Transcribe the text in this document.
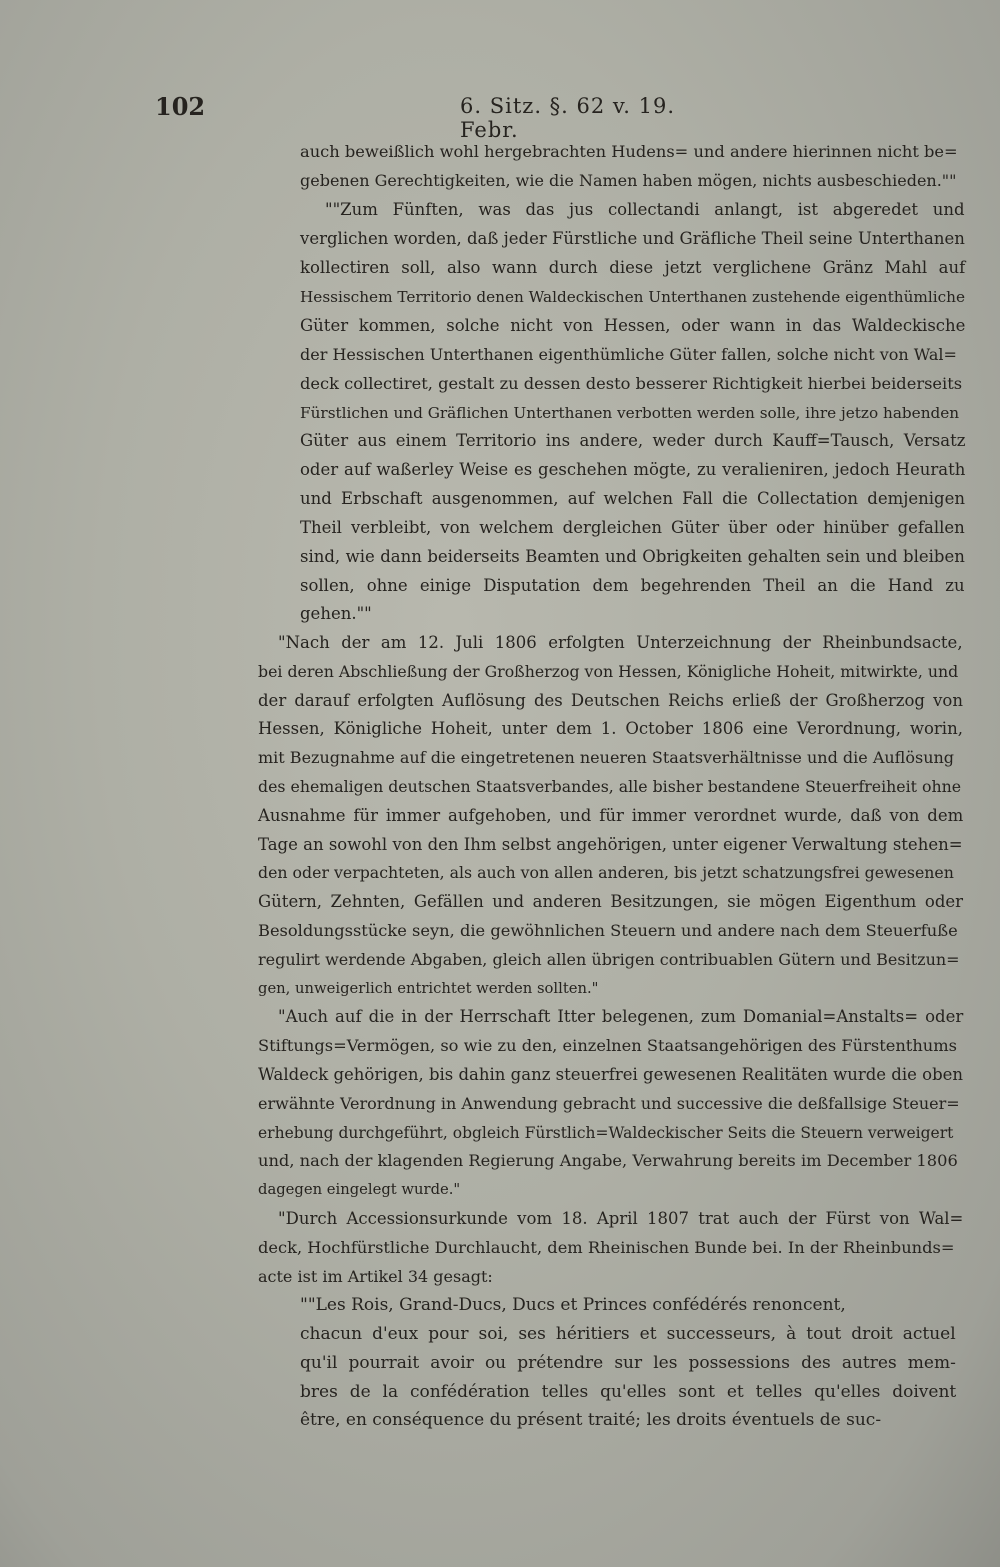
102	6. Sitz. §. 62 v. 19. Febr.
auch beweißlich wohl hergebrachten Hudens= und andere hierinnen nicht be=
gebenen Gerechtigkeiten, wie die Namen haben mögen, nichts ausbeschieden.""
""Zum Fünften, was das jus collectandi anlangt, ist abgeredet und
verglichen worden, daß jeder Fürstliche und Gräfliche Theil seine Unterthanen
kollectiren soll, also wann durch diese jetzt verglichene Gränz Mahl auf
Hessischem Territorio denen Waldeckischen Unterthanen zustehende eigenthümliche
Güter kommen, solche nicht von Hessen, oder wann in das Waldeckische
der Hessischen Unterthanen eigenthümliche Güter fallen, solche nicht von Wal=
deck collectiret, gestalt zu dessen desto besserer Richtigkeit hierbei beiderseits
Fürstlichen und Gräflichen Unterthanen verbotten werden solle, ihre jetzo habenden
Güter aus einem Territorio ins andere, weder durch Kauff=Tausch, Versatz
oder auf waßerley Weise es geschehen mögte, zu veralieniren, jedoch Heurath
und Erbschaft ausgenommen, auf welchen Fall die Collectation demjenigen
Theil verbleibt, von welchem dergleichen Güter über oder hinüber gefallen
sind, wie dann beiderseits Beamten und Obrigkeiten gehalten sein und bleiben
sollen, ohne einige Disputation dem begehrenden Theil an die Hand zu
gehen.""
"Nach der am 12. Juli 1806 erfolgten Unterzeichnung der Rheinbundsacte,
bei deren Abschließung der Großherzog von Hessen, Königliche Hoheit, mitwirkte, und
der darauf erfolgten Auflösung des Deutschen Reichs erließ der Großherzog von
Hessen, Königliche Hoheit, unter dem 1. October 1806 eine Verordnung, worin,
mit Bezugnahme auf die eingetretenen neueren Staatsverhältnisse und die Auflösung
des ehemaligen deutschen Staatsverbandes, alle bisher bestandene Steuerfreiheit ohne
Ausnahme für immer aufgehoben, und für immer verordnet wurde, daß von dem
Tage an sowohl von den Ihm selbst angehörigen, unter eigener Verwaltung stehen=
den oder verpachteten, als auch von allen anderen, bis jetzt schatzungsfrei gewesenen
Gütern, Zehnten, Gefällen und anderen Besitzungen, sie mögen Eigenthum oder
Besoldungsstücke seyn, die gewöhnlichen Steuern und andere nach dem Steuerfuße
regulirt werdende Abgaben, gleich allen übrigen contribuablen Gütern und Besitzun=
gen, unweigerlich entrichtet werden sollten."
"Auch auf die in der Herrschaft Itter belegenen, zum Domanial=Anstalts= oder
Stiftungs=Vermögen, so wie zu den, einzelnen Staatsangehörigen des Fürstenthums
Waldeck gehörigen, bis dahin ganz steuerfrei gewesenen Realitäten wurde die oben
erwähnte Verordnung in Anwendung gebracht und successive die deßfallsige Steuer=
erhebung durchgeführt, obgleich Fürstlich=Waldeckischer Seits die Steuern verweigert
und, nach der klagenden Regierung Angabe, Verwahrung bereits im December 1806
dagegen eingelegt wurde."
"Durch Accessionsurkunde vom 18. April 1807 trat auch der Fürst von Wal=
deck, Hochfürstliche Durchlaucht, dem Rheinischen Bunde bei. In der Rheinbunds=
acte ist im Artikel 34 gesagt:
""Les Rois, Grand-Ducs, Ducs et Princes confédérés renoncent,
chacun d'eux pour soi, ses héritiers et successeurs, à tout droit actuel
qu'il pourrait avoir ou prétendre sur les possessions des autres mem-
bres de la confédération telles qu'elles sont et telles qu'elles doivent
être, en conséquence du présent traité; les droits éventuels de suc-
